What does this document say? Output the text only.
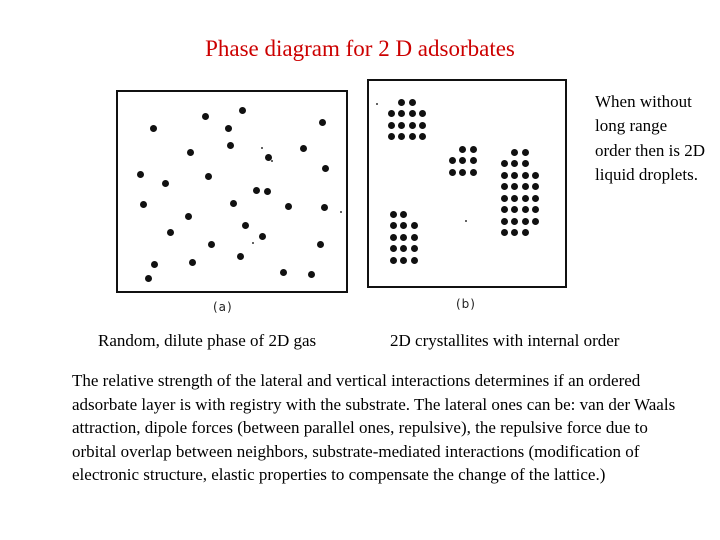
Phase diagram for 2 D adsorbates
(a)	(b)
When without long range order then is 2D liquid droplets.
Random, dilute phase of 2D gas	2D crystallites with internal order
The relative strength of the lateral and vertical interactions determines if an ordered adsorbate layer is with registry with the substrate. The lateral ones can be: van der Waals attraction, dipole forces (between parallel ones, repulsive), the repulsive force due to orbital overlap between neighbors, substrate-mediated interactions (modification of electronic structure, elastic properties to compensate the change of the lattice.)
